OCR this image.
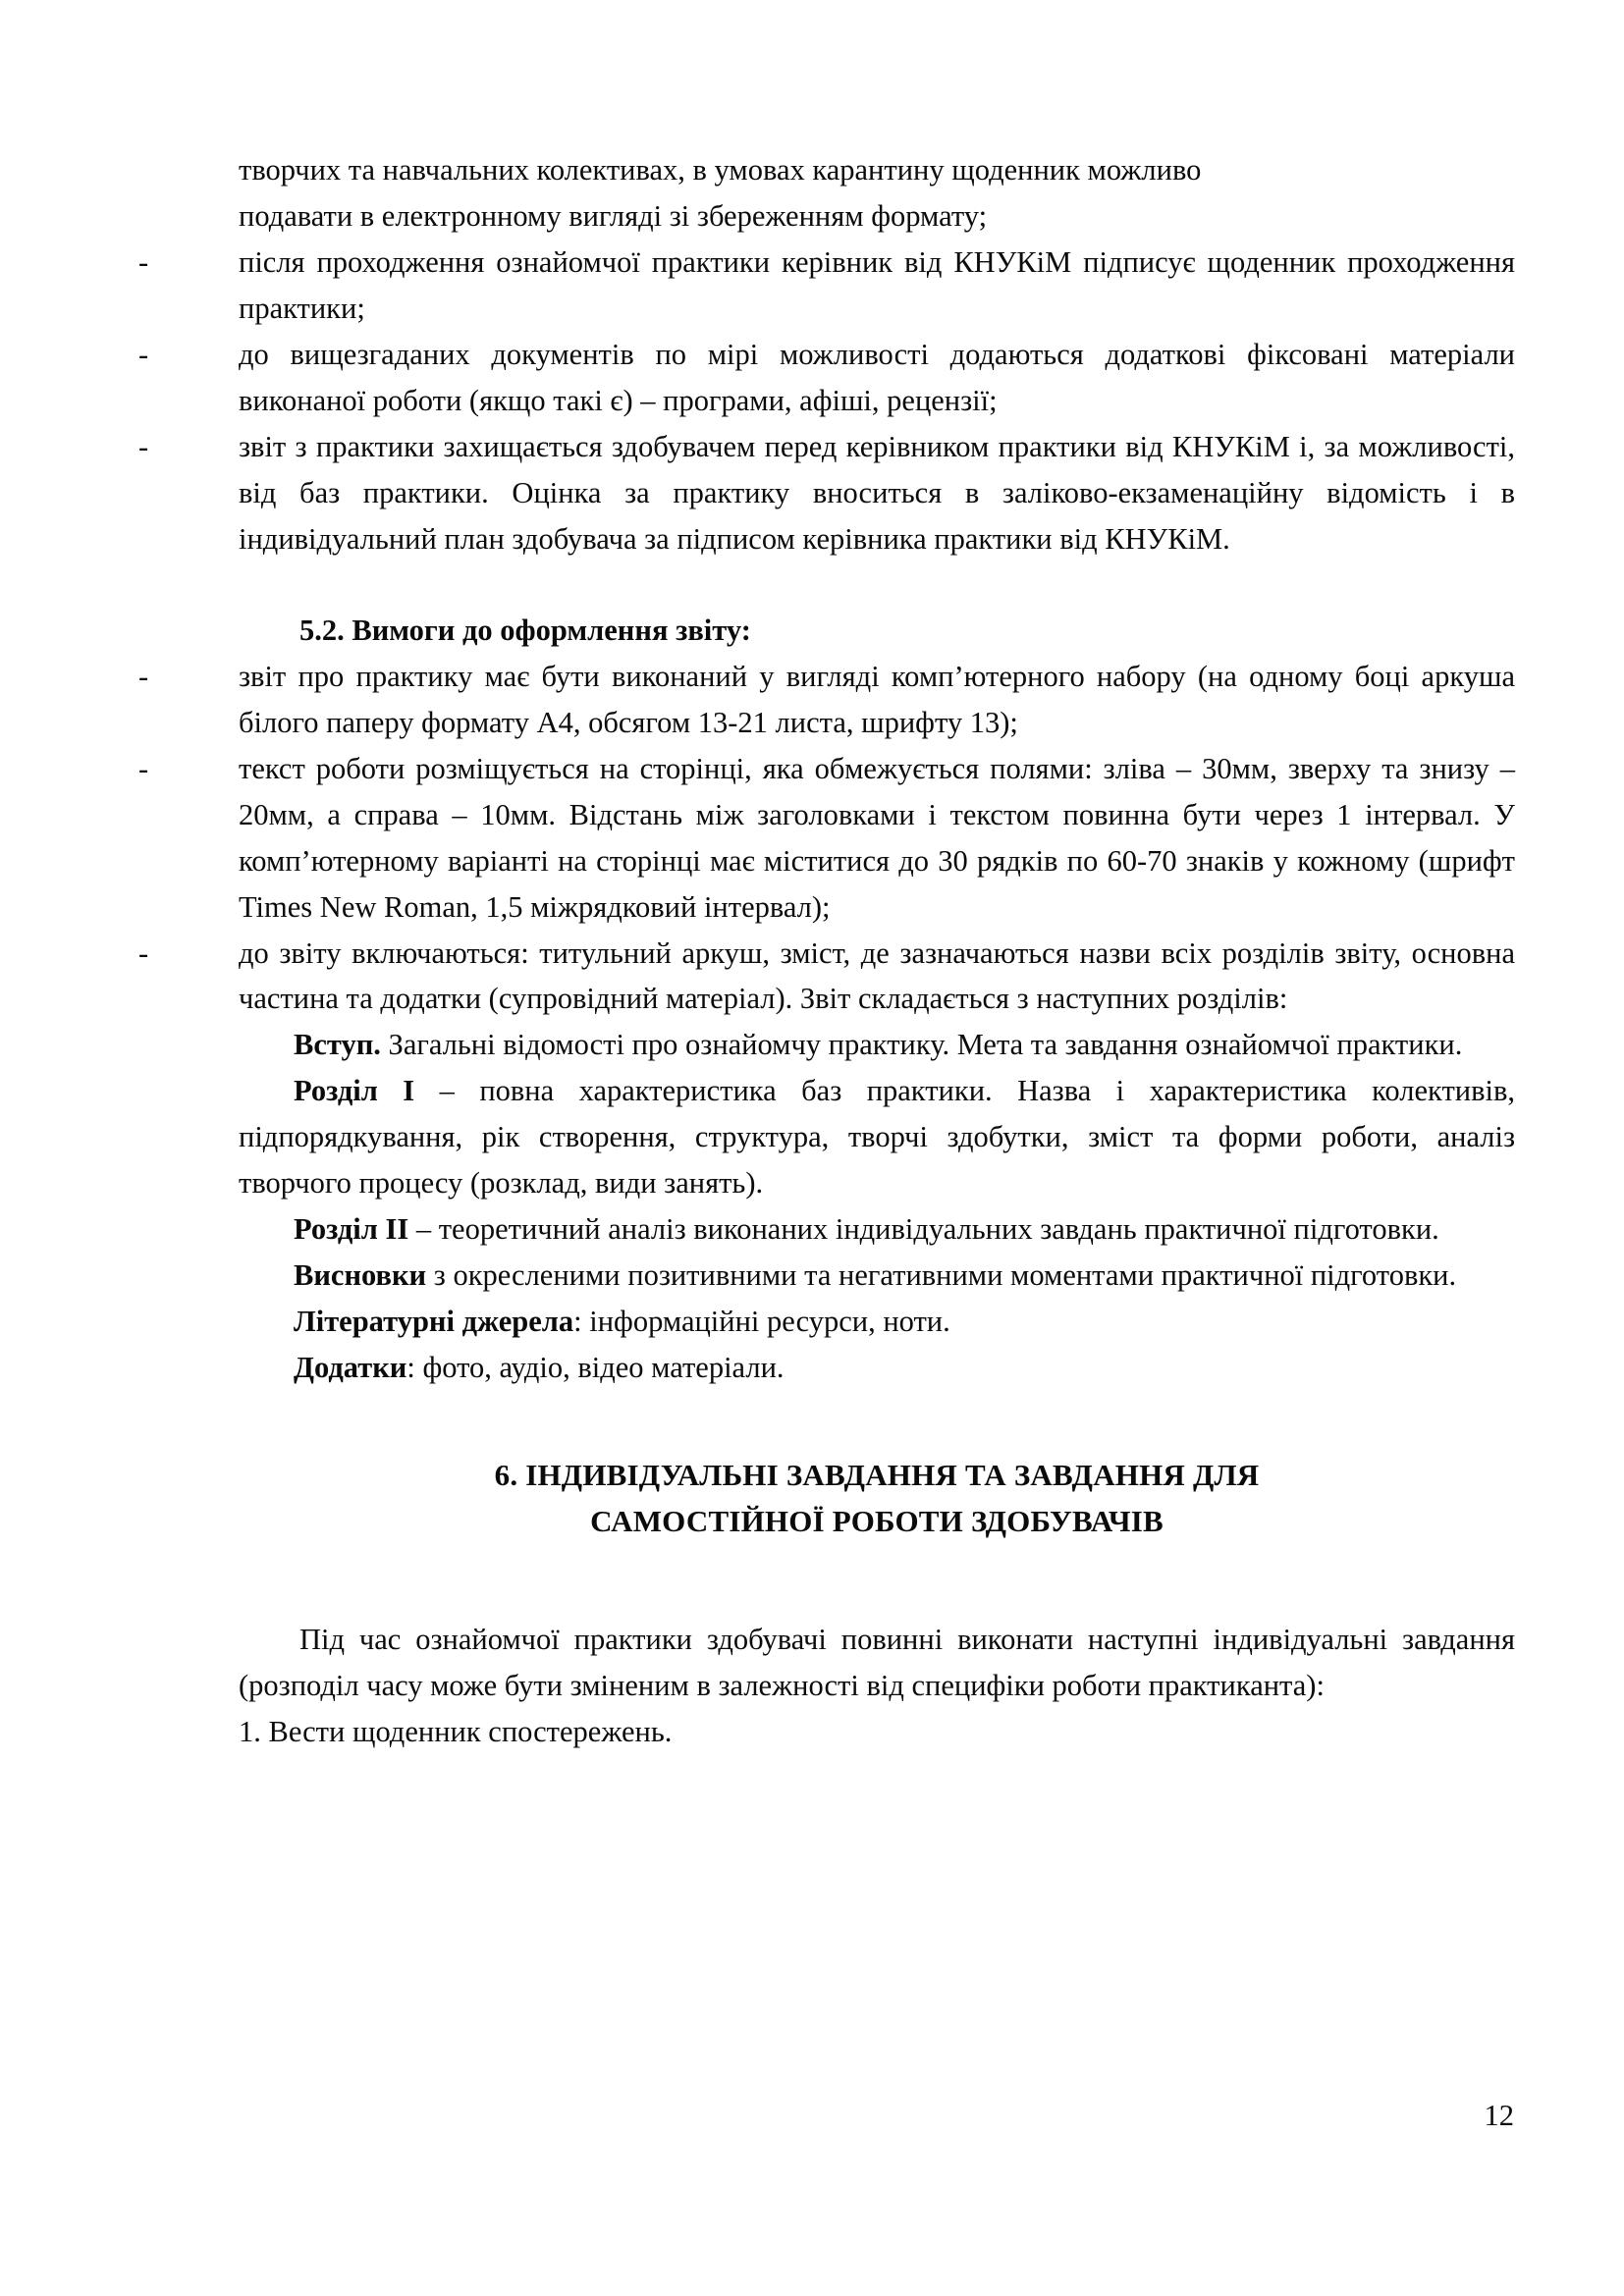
творчих та навчальних колективах, в умовах карантину щоденник можливо

подавати в електронному вигляді зі збереженням формату;

-	після проходження ознайомчої практики керівник від КНУКіМ підписує щоденник проходження практики;

-	до вищезгаданих документів по мірі можливості додаються додаткові фіксовані матеріали виконаної роботи (якщо такі є) – програми, афіші, рецензії;

-	звіт з практики захищається здобувачем перед керівником практики від КНУКіМ і, за можливості, від баз практики. Оцінка за практику вноситься в заліково-екзаменаційну відомість і в індивідуальний план здобувача за підписом керівника практики від КНУКіМ.

5.2. Вимоги до оформлення звіту:

-	звіт про практику має бути виконаний у вигляді комп’ютерного набору (на одному боці аркуша білого паперу формату А4, обсягом 13-21 листа, шрифту 13);

-	текст роботи розміщується на сторінці, яка обмежується полями: зліва – 30мм, зверху та знизу – 20мм, а справа – 10мм. Відстань між заголовками і текстом повинна бути через 1 інтервал. У комп’ютерному варіанті на сторінці має міститися до 30 рядків по 60-70 знаків у кожному (шрифт Times New Roman, 1,5 міжрядковий інтервал);

-	до звіту включаються: титульний аркуш, зміст, де зазначаються назви всіх розділів звіту, основна частина та додатки (супровідний матеріал). Звіт складається з наступних розділів:

Вступ. Загальні відомості про ознайомчу практику. Мета та завдання ознайомчої практики.

Розділ I – повна характеристика баз практики. Назва і характеристика колективів, підпорядкування, рік створення, структура, творчі здобутки, зміст та форми роботи, аналіз творчого процесу (розклад, види занять).

Розділ II – теоретичний аналіз виконаних індивідуальних завдань практичної підготовки.

Висновки з окресленими позитивними та негативними моментами практичної підготовки.

Літературні джерела: інформаційні ресурси, ноти.

Додатки: фото, аудіо, відео матеріали.

6. ІНДИВІДУАЛЬНІ ЗАВДАННЯ ТА ЗАВДАННЯ ДЛЯ

САМОСТІЙНОЇ РОБОТИ ЗДОБУВАЧІВ

Під час ознайомчої практики здобувачі повинні виконати наступні індивідуальні завдання (розподіл часу може бути зміненим в залежності від специфіки роботи практиканта):

1. Вести щоденник спостережень.

12
